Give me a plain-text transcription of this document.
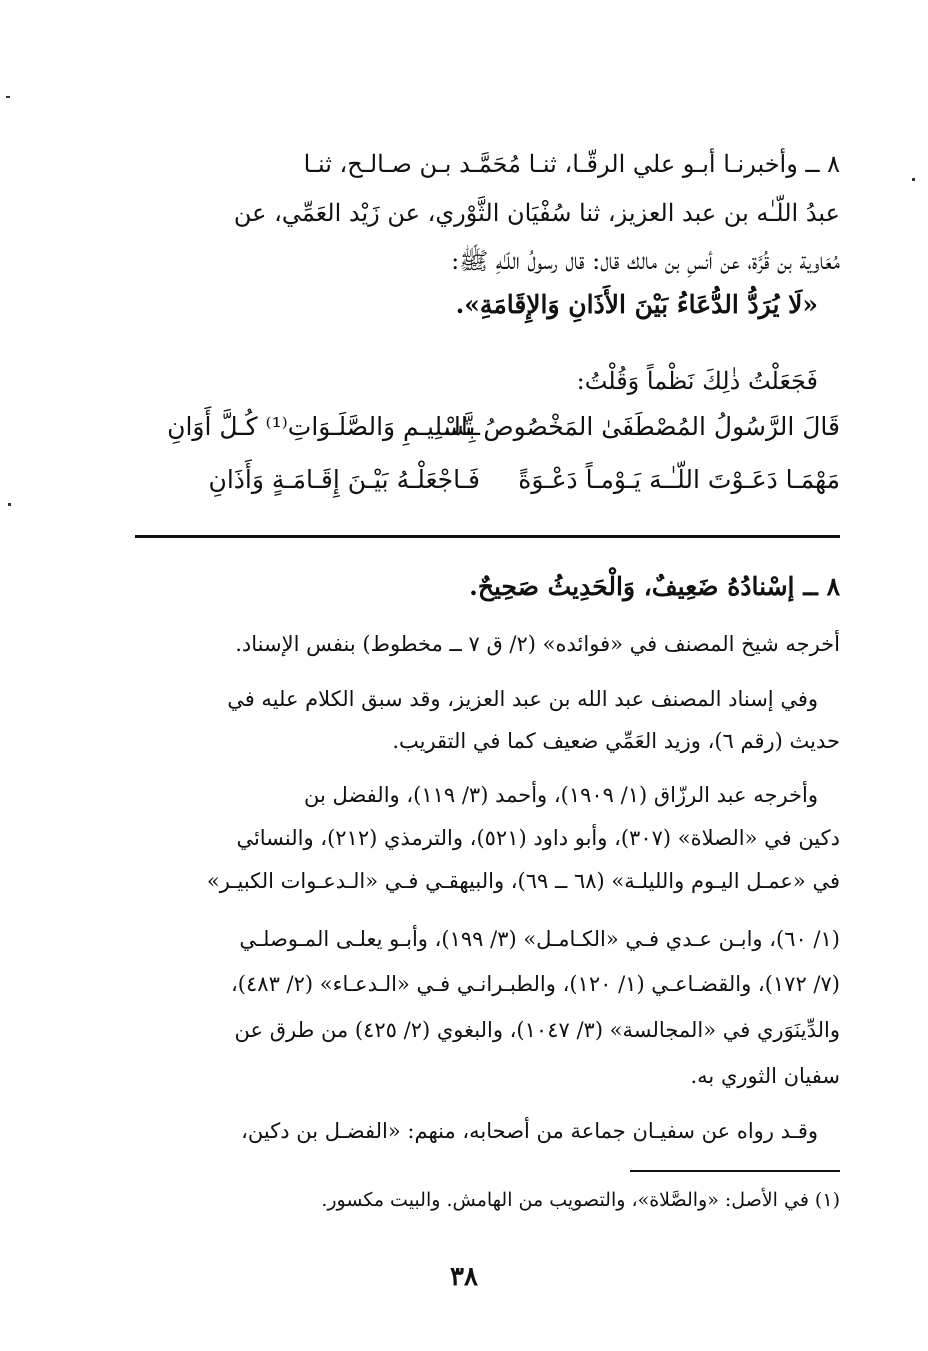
٨ ــ وأخبرنـا أبـو علي الرقّـا، ثنـا مُحَمَّـد بـن صـالـح، ثنـا
عبدُ اللّـٰه بن عبد العزيز، ثنا سُفْيَان الثَّوْري، عن زَيْد العَمِّي، عن
مُعَاوية بن قُرَّة، عن أنسِ بن مالك قال: قال رسولُ اللّـٰهِ ﷺ:
«لَا يُرَدُّ الدُّعَاءُ بَيْنَ الأَذَانِ وَالإِقَامَةِ».
فَجَعَلْتُ ذٰلِكَ نَظْماً وَقُلْتُ:
قَالَ الرَّسُولُ المُصْطَفَىٰ المَخْصُوصُ بِالـ
ـتَّسْلِيـمِ وَالصَّلَـوَاتِ⁽¹⁾ كُـلَّ أَوَانِ
مَهْمَـا دَعَـوْتَ اللّـٰـهَ يَـوْمـاً دَعْـوَةً
فَـاجْعَلْـهُ بَيْـنَ إِقَـامَـةٍ وَأَذَانِ
٨ ــ إسْنادُهُ ضَعِيفٌ، وَالْحَدِيثُ صَحِيحٌ.
أخرجه شيخ المصنف في «فوائده» (٢/ ق ٧ ــ مخطوط) بنفس الإسناد.
وفي إسناد المصنف عبد الله بن عبد العزيز، وقد سبق الكلام عليه في
حديث (رقم ٦)، وزيد العَمِّي ضعيف كما في التقريب.
وأخرجه عبد الرزّاق (١/ ١٩٠٩)، وأحمد (٣/ ١١٩)، والفضل بن
دكين في «الصلاة» (٣٠٧)، وأبو داود (٥٢١)، والترمذي (٢١٢)، والنسائي
في «عمـل اليـوم والليلـة» (٦٨ ــ ٦٩)، والبيهقـي فـي «الـدعـوات الكبيـر»
(١/ ٦٠)، وابـن عـدي فـي «الكـامـل» (٣/ ١٩٩)، وأبـو يعلـى المـوصلـي
(٧/ ١٧٢)، والقضـاعـي (١/ ١٢٠)، والطبـرانـي فـي «الـدعـاء» (٢/ ٤٨٣)،
والدِّينَوَري في «المجالسة» (٣/ ١٠٤٧)، والبغوي (٢/ ٤٢٥) من طرق عن
سفيان الثوري به.
وقـد رواه عن سفيـان جماعة من أصحابه، منهم: «الفضـل بن دكين،
(١) في الأصل: «والصَّلاة»، والتصويب من الهامش. والبيت مكسور.
٣٨
